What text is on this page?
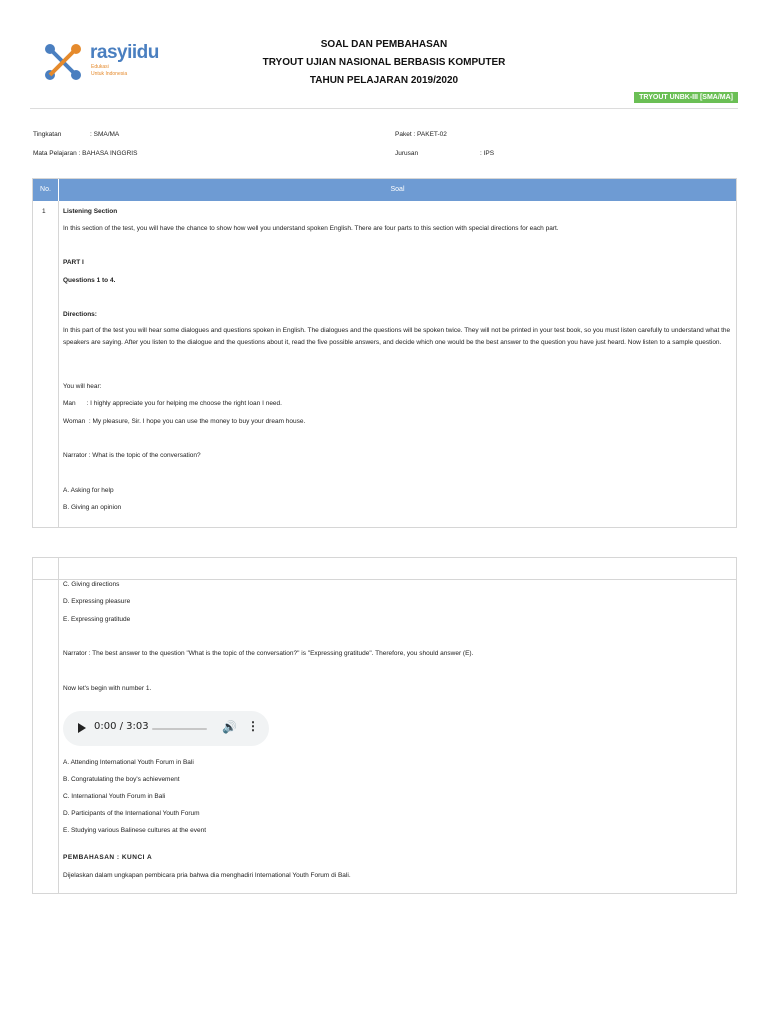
rasyiidu
Edukasi
Untuk Indonesia
SOAL DAN PEMBAHASAN
TRYOUT UJIAN NASIONAL BERBASIS KOMPUTER
TAHUN PELAJARAN 2019/2020
TRYOUT UNBK-III [SMA/MA]
Tingkatan	: SMA/MA
Mata Pelajaran : BAHASA INGGRIS
Paket : PAKET-02
Jurusan	: IPS
No.	Soal
1	Listening Section
In this section of the test, you will have the chance to show how well you understand spoken English. There are four parts to this section with special directions for each part.
PART I
Questions 1 to 4.
Directions:
In this part of the test you will hear some dialogues and questions spoken in English. The dialogues and the questions will be spoken twice. They will not be printed in your test book, so you must listen carefully to understand what the speakers are saying. After you listen to the dialogue and the questions about it, read the five possible answers, and decide which one would be the best answer to the question you have just heard. Now listen to a sample question.
You will hear:
Man      : I highly appreciate you for helping me choose the right loan I need.
Woman  : My pleasure, Sir. I hope you can use the money to buy your dream house.
Narrator : What is the topic of the conversation?
A. Asking for help
B. Giving an opinion
C. Giving directions
D. Expressing pleasure
E. Expressing gratitude
Narrator : The best answer to the question "What is the topic of the conversation?" is "Expressing gratitude". Therefore, you should answer (E).
Now let's begin with number 1.
0:00 / 3:03	🔊 ⋮
A. Attending International Youth Forum in Bali
B. Congratulating the boy's achievement
C. International Youth Forum in Bali
D. Participants of the International Youth Forum
E. Studying various Balinese cultures at the event
PEMBAHASAN : KUNCI A
Dijelaskan dalam ungkapan pembicara pria bahwa dia menghadiri International Youth Forum di Bali.
